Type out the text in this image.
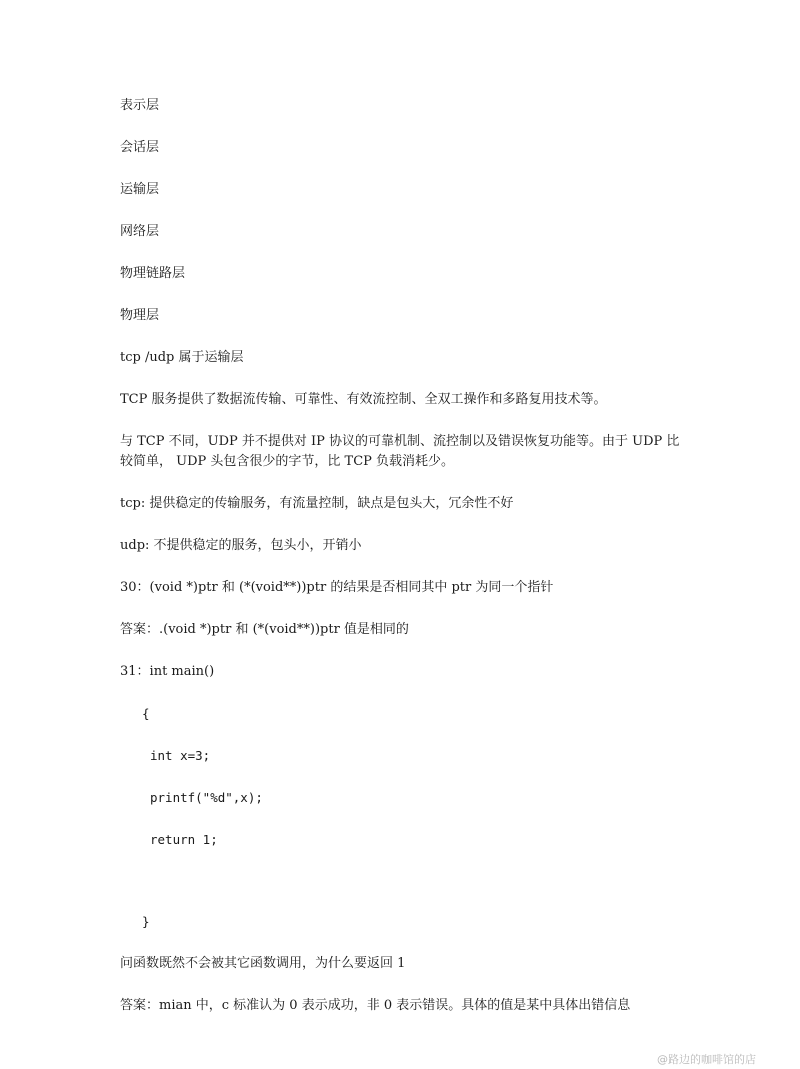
表示层
会话层
运输层
网络层
物理链路层
物理层
tcp /udp 属于运输层
TCP 服务提供了数据流传输、可靠性、有效流控制、全双工操作和多路复用技术等。
与 TCP 不同，UDP 并不提供对 IP 协议的可靠机制、流控制以及错误恢复功能等。由于 UDP 比较简单， UDP 头包含很少的字节，比 TCP 负载消耗少。
tcp: 提供稳定的传输服务，有流量控制，缺点是包头大，冗余性不好
udp: 不提供稳定的服务，包头小，开销小
30：(void *)ptr 和 (*(void**))ptr 的结果是否相同其中 ptr 为同一个指针
答案：.(void *)ptr 和 (*(void**))ptr 值是相同的
31：int main()
{
int x=3;
printf("%d",x);
return 1;
}
问函数既然不会被其它函数调用，为什么要返回 1
答案：mian 中，c 标准认为 0 表示成功，非 0 表示错误。具体的值是某中具体出错信息
@路边的咖啡馆的店
